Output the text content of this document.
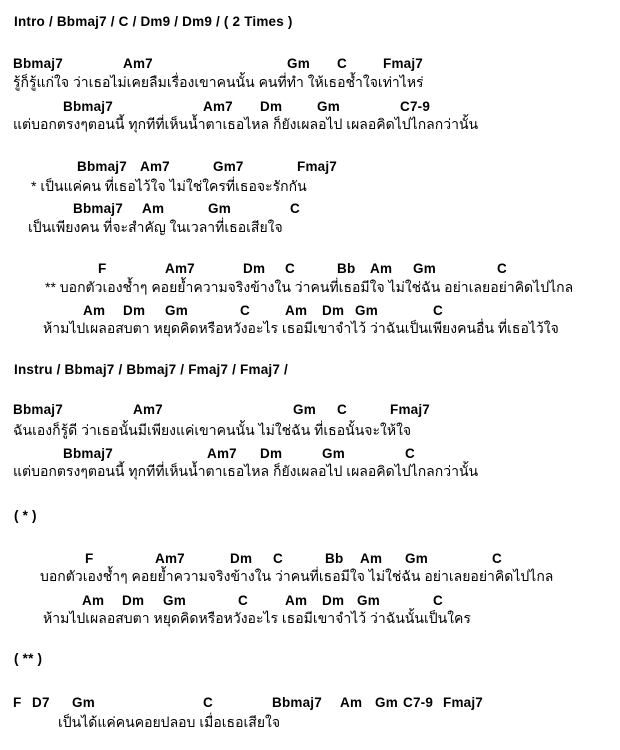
Intro / Bbmaj7 / C / Dm9 / Dm9 / ( 2 Times )
Bbmaj7	Am7	Gm C	Fmaj7
รู้ก็รู้แก่ใจ ว่าเธอไม่เคยลืมเรื่องเขาคนนั้น คนที่ทำ ให้เธอช้ำใจเท่าไหร่
Bbmaj7	Am7 Dm	Gm	C7-9
แต่บอกตรงๆตอนนี้ ทุกทีที่เห็นน้ำตาเธอไหล ก็ยังเผลอไป เผลอคิดไปไกลกว่านั้น
Bbmaj7 Am7	Gm7	Fmaj7
* เป็นแค่คน ที่เธอไว้ใจ ไม่ใช่ใครที่เธอจะรักกัน
Bbmaj7 Am	Gm	C
เป็นเพียงคน ที่จะสำคัญ ในเวลาที่เธอเสียใจ
F	Am7	Dm C	Bb Am Gm	C
** บอกตัวเองช้ำๆ คอยย้ำความจริงข้างใน ว่าคนที่เธอมีใจ ไม่ใช่ฉัน อย่าเลยอย่าคิดไปไกล
Am Dm Gm	C	Am Dm Gm	C
ห้ามไปเผลอสบตา หยุดคิดหรือหวังอะไร เธอมีเขาจำไว้ ว่าฉันเป็นเพียงคนอื่น ที่เธอไว้ใจ
Instru / Bbmaj7 / Bbmaj7 / Fmaj7 / Fmaj7 /
Bbmaj7	Am7	Gm C	Fmaj7
ฉันเองก็รู้ดี ว่าเธอนั้นมีเพียงแค่เขาคนนั้น ไม่ใช่ฉัน ที่เธอนั้นจะให้ใจ
Bbmaj7	Am7 Dm	Gm	C
แต่บอกตรงๆตอนนี้ ทุกทีที่เห็นน้ำตาเธอไหล ก็ยังเผลอไป เผลอคิดไปไกลกว่านั้น
( * )
F	Am7	Dm C	Bb Am Gm	C
บอกตัวเองช้ำๆ คอยย้ำความจริงข้างใน ว่าคนที่เธอมีใจ ไม่ใช่ฉัน อย่าเลยอย่าคิดไปไกล
Am Dm Gm	C	Am Dm Gm	C
ห้ามไปเผลอสบตา หยุดคิดหรือหวังอะไร เธอมีเขาจำไว้ ว่าฉันนั้นเป็นใคร
( ** )
F D7 Gm	C	Bbmaj7 Am Gm C7-9 Fmaj7
เป็นได้แค่คนคอยปลอบ เมื่อเธอเสียใจ
